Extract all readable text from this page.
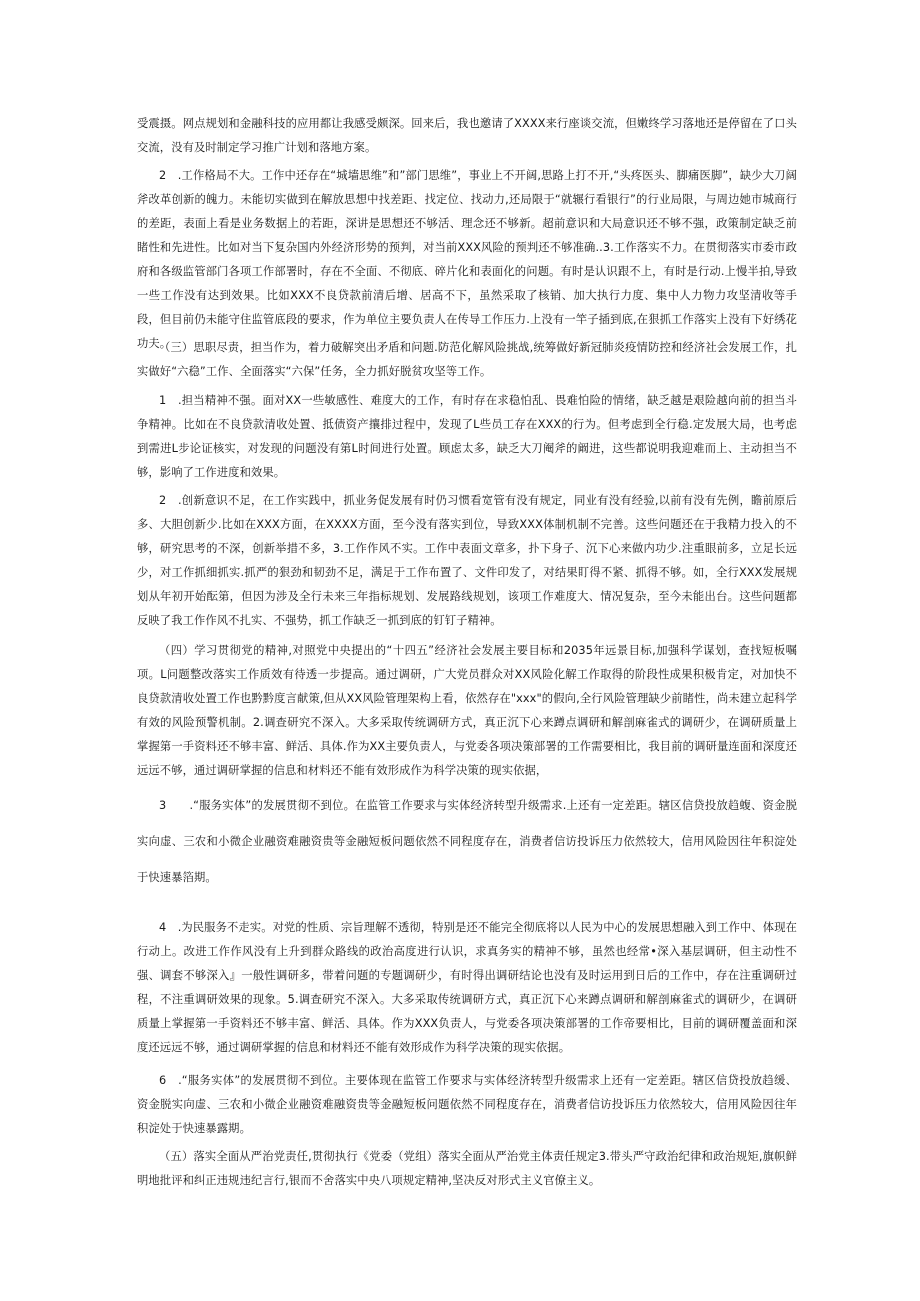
受震摄。网点规划和金融科技的应用都让我感受颇深。回来后，我也邀请了XXXX来行座谈交流，但嫩终学习落地还是停留在了口头交流，没有及时制定学习推广计划和落地方案。

2　.工作格局不大。工作中还存在“城墙思维”和”部门思维”，事业上不开阔,思路上打不开,“头疼医头、脚痛医脚”，缺少大刀阔斧改革创新的魄力。未能切实做到在解放思想中找差距、找定位、找动力,还局限于“就辗行看银行”的行业局限，与周边她市城商行的差距，表面上看是业务数据上的若距，深讲是思想还不够活、理念还不够新。超前意识和大局意识还不够不强，政策制定缺乏前睹性和先进性。比如对当下复杂国内外经济形势的预判，对当前XXX风险的预判还不够准确..3.工作落实不力。在贯彻落实市委市政府和各级监管部门各项工作部署时，存在不全面、不彻底、碎片化和表面化的问题。有时是认识跟不上，有时是行动.上慢半拍,导致一些工作没有达到效果。比如XXX不良贷款前清后增、居高不下，虽然采取了核销、加大执行力度、集中人力物力攻坚清收等手段，但目前仍未能守住监管底段的要求，作为单位主要负责人在传导工作压力.上没有一竿子插到底,在狠抓工作落实上没有下好绣花功夫。

（三）思职尽责，担当作为，着力破解突出矛盾和问题.防范化解风险挑战,统筹做好新冠肺炎疫情防控和经济社会发展工作，扎实做好“六稳”工作、全面落实“六保”任务，全力抓好脱贫攻坚等工作。

1　.担当精神不强。面对XX一些敏感性、难度大的工作，有时存在求稳怕乱、畏难怕险的情绪，缺乏越是艰险越向前的担当斗争精神。比如在不良贷款清收处置、抵债资产攘排过程中，发现了L些员工存在XXX的行为。但考虑到全行稳.定发展大局，也考虑到需进L步论证核实，对发现的问题没有第L时间进行处置。顾虑太多，缺乏大刀阉斧的阚进，这些都说明我迎难而上、主动担当不够，影响了工作进度和效果。

2　.创新意识不足，在工作实践中，抓业务促发展有时仍习惯看宽管有没有规定，同业有没有经验,以前有没有先例，瞻前原后多、大胆创新少.比如在XXX方面，在XXXX方面，至今没有落实到位，导致XXX体制机制不完善。这些问题还在于我精力投入的不够，研究思考的不深，创新举措不多，3.工作作风不实。工作中表面文章多，扑下身子、沉下心来做内功少.注重眼前多，立足长远少，对工作抓细抓实.抓严的狠劲和韧劲不足，满足于工作布置了、文件印发了，对结果盯得不紧、抓得不够。如，全行XXX发展规划从年初开始酝第，但因为涉及全行未来三年指标规划、发展路线规划，该项工作难度大、情况复杂，至今未能出台。这些问题都反映了我工作作风不扎实、不强势，抓工作缺乏一抓到底的钉钉子精神。

（四）学习贯彻党的精神,对照党中央提出的“十四五”经济社会发展主要目标和2035年远景目标,加强科学谋划，查找短板嘱项。L问题整改落实工作质效有待透一步提高。通过调研，广大党员群众对XX风险化解工作取得的阶段性成果积极肯定，对加快不良贷款清收处置工作也黔黔度言献策,但从XX风险管理架构上看，依然存在"xxx"的假向,全行风险管理缺少前睹性，尚未建立起科学有效的风险预警机制。2.调查研究不深入。大多采取传统调研方式，真正沉下心来蹲点调研和解剖麻雀式的调研少，在调研质量上掌握第一手资料还不够丰富、鲜活、具体.作为XX主要负责人，与党委各项决策部署的工作需要相比，我目前的调研量连面和深度还远远不够，通过调研掌握的信息和材料还不能有效形成作为科学决策的现实依据，

3　　.“服务实体”的发展贯彻不到位。在监管工作要求与实体经济转型升级需求.上还有一定差距。辖区信贷投放趋蝮、资金脱实向虚、三农和小微企业融资难融资贵等金融短板问题依然不同程度存在，消费者信访投诉压力依然较大，信用风险因往年积淀处于快速暴箔期。

4　.为民服务不走实。对党的性质、宗旨理解不透彻，特别是还不能完全彻底将以人民为中心的发展思想融入到工作中、体现在行动上。改进工作作风没有上升到群众路线的政治高度进行认识，求真务实的精神不够，虽然也经常•深入基层调研，但主动性不强、调套不够深入』一般性调研多，带着问题的专题调研少，有时得出调研结论也没有及时运用到日后的工作中，存在注重调研过程，不注重调研效果的现象。5.调查研究不深入。大多采取传统调研方式，真正沉下心来蹲点调研和解剖麻雀式的调研少，在调研质量上掌握第一手资料还不够丰富、鲜活、具体。作为XXX负责人，与党委各项决策部署的工作帝要相比，目前的调研覆盖面和深度还远远不够，通过调研掌握的信息和材料还不能有效形成作为科学决策的现实依据。

6　.“服务实体”的发展贯彻不到位。主要体现在监管工作要求与实体经济转型升级需求上还有一定差距。辖区信贷投放趋缓、资金脱实向虚、三农和小微企业融资难融资贵等金融短板问题依然不同程度存在，消费者信访投诉压力依然较大，信用风险因往年积淀处于快速暴露期。

（五）落实全面从严治党责任,贯彻执行《党委（党组）落实全面从严治党主体责任规定3.带头严守政治纪律和政治规矩,旗帜鲜明地批评和纠正违规违纪言行,银而不舍落实中央八项规定精神,坚决反对形式主义官僚主义。
